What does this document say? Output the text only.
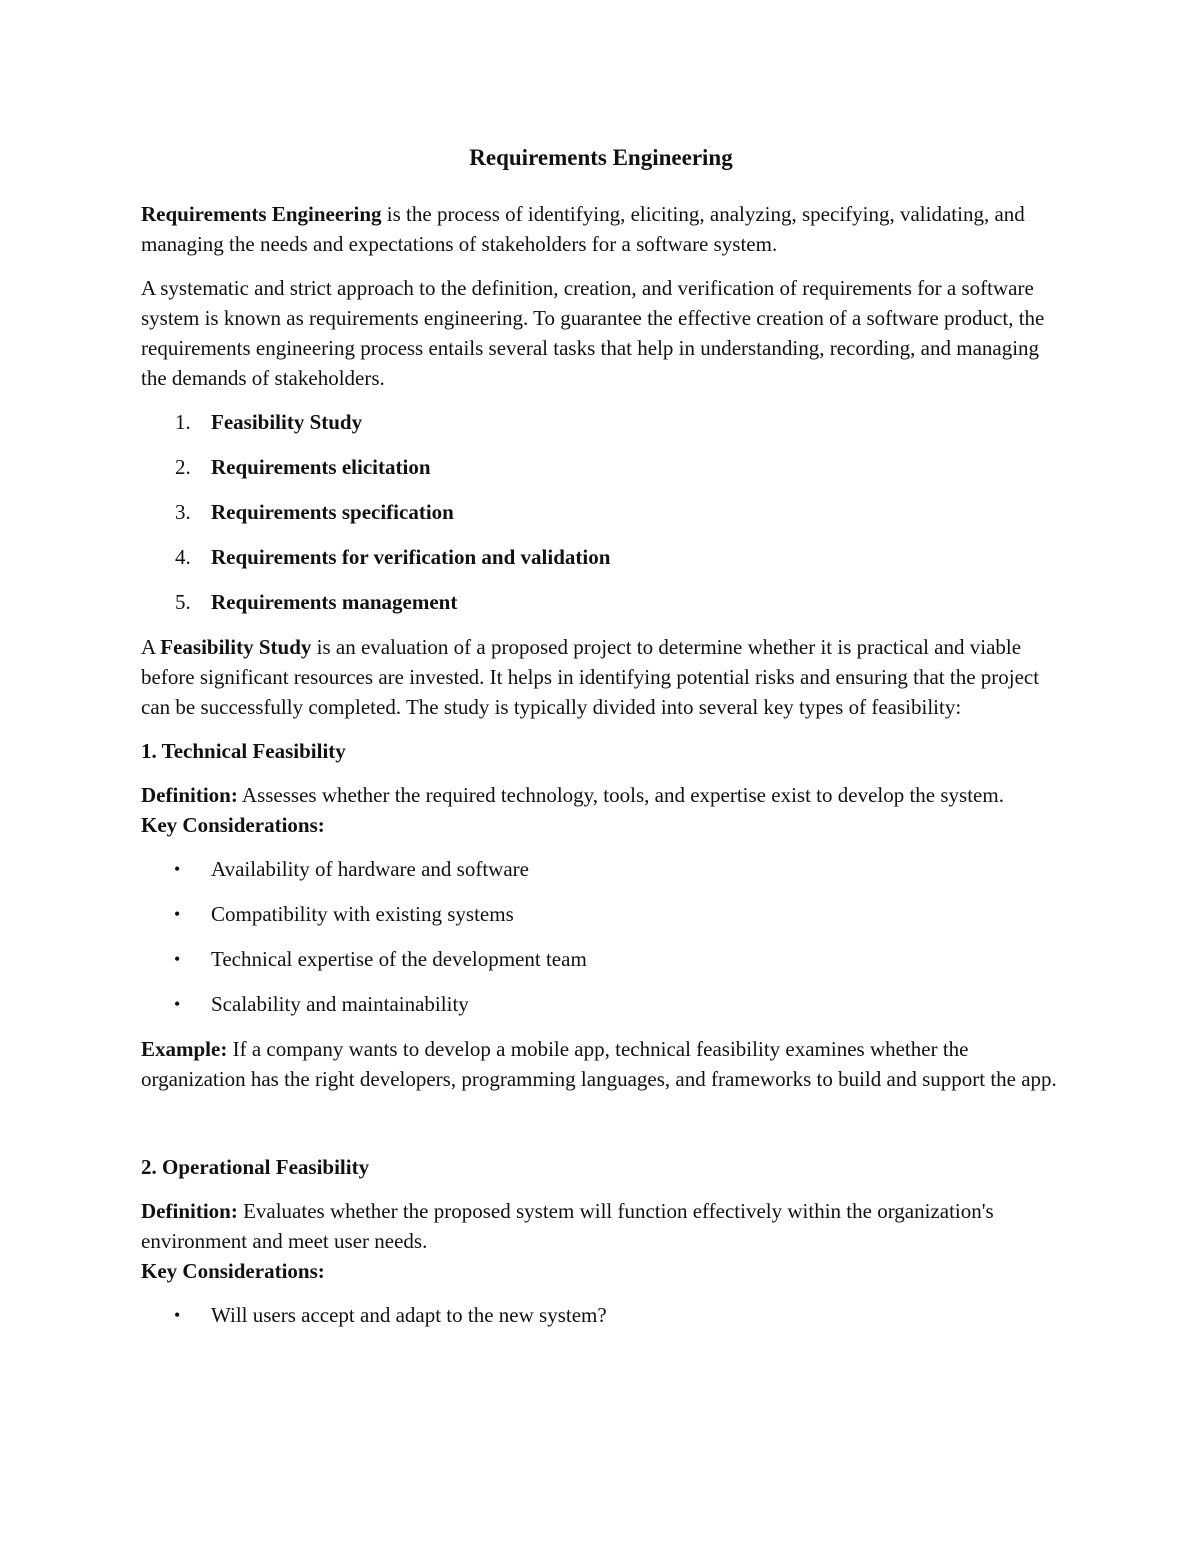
Requirements Engineering

Requirements Engineering is the process of identifying, eliciting, analyzing, specifying, validating, and managing the needs and expectations of stakeholders for a software system.

A systematic and strict approach to the definition, creation, and verification of requirements for a software system is known as requirements engineering. To guarantee the effective creation of a software product, the requirements engineering process entails several tasks that help in understanding, recording, and managing the demands of stakeholders.

1. Feasibility Study
2. Requirements elicitation
3. Requirements specification
4. Requirements for verification and validation
5. Requirements management

A Feasibility Study is an evaluation of a proposed project to determine whether it is practical and viable before significant resources are invested. It helps in identifying potential risks and ensuring that the project can be successfully completed. The study is typically divided into several key types of feasibility:

1. Technical Feasibility
Definition: Assesses whether the required technology, tools, and expertise exist to develop the system.
Key Considerations:
• Availability of hardware and software
• Compatibility with existing systems
• Technical expertise of the development team
• Scalability and maintainability

Example: If a company wants to develop a mobile app, technical feasibility examines whether the organization has the right developers, programming languages, and frameworks to build and support the app.

2. Operational Feasibility
Definition: Evaluates whether the proposed system will function effectively within the organization's environment and meet user needs.
Key Considerations:
• Will users accept and adapt to the new system?
